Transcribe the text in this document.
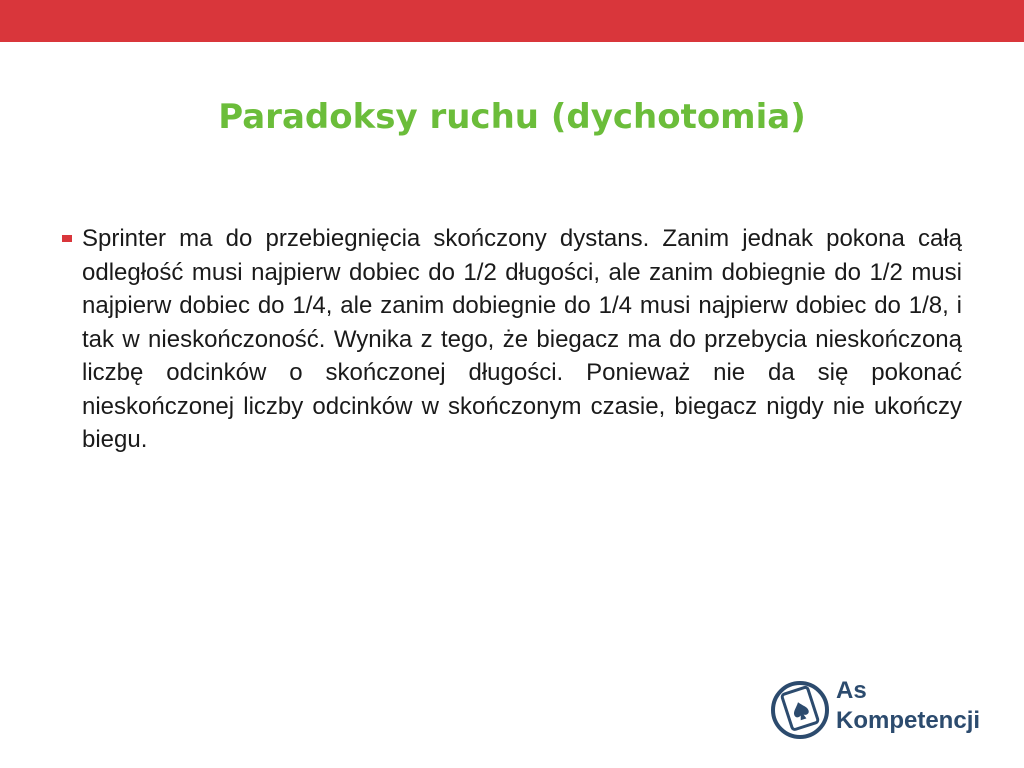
Paradoksy ruchu (dychotomia)
Sprinter ma do przebiegnięcia skończony dystans. Zanim jednak pokona całą odległość musi najpierw dobiec do 1/2 długości, ale zanim dobiegnie do 1/2 musi najpierw dobiec do 1/4, ale zanim dobiegnie do 1/4 musi najpierw dobiec do 1/8, i tak w nieskończoność. Wynika z tego, że biegacz ma do przebycia nieskończoną liczbę odcinków o skończonej długości. Ponieważ nie da się pokonać nieskończonej liczby odcinków w skończonym czasie, biegacz nigdy nie ukończy biegu.
As
Kompetencji
